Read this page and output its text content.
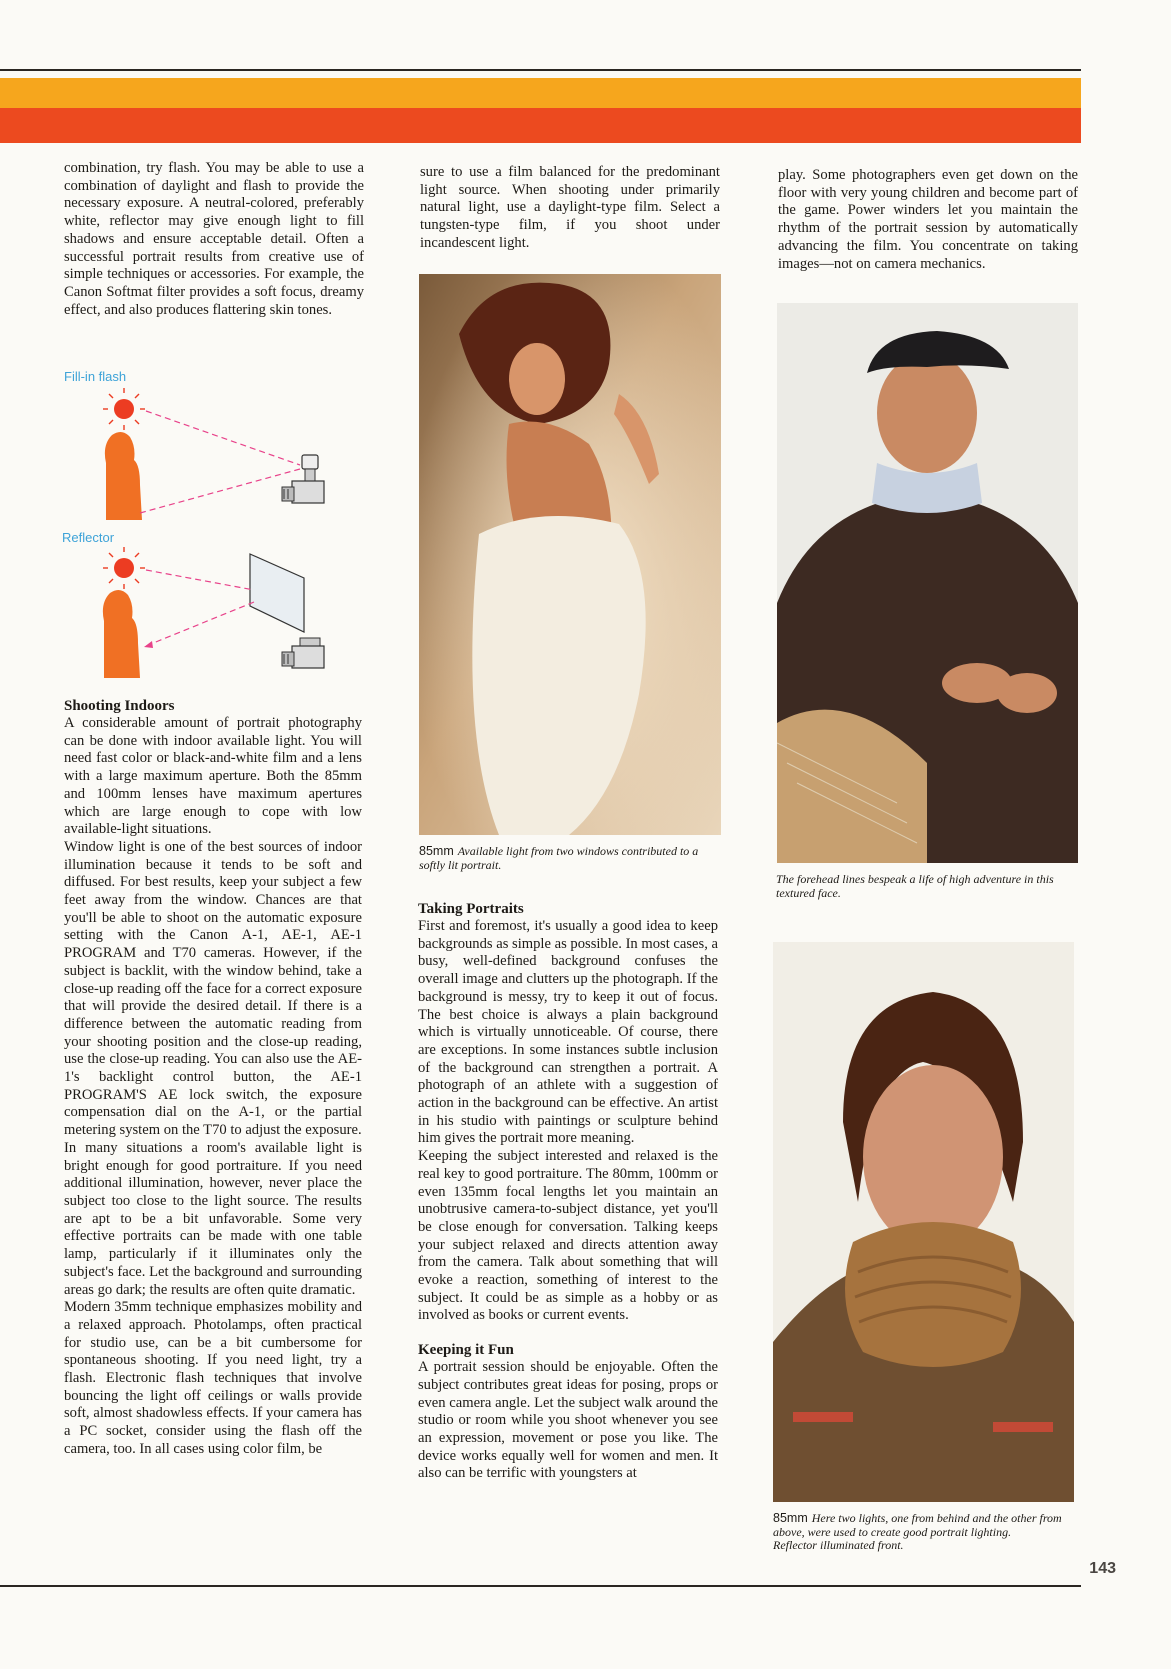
combination, try flash. You may be able to use a combination of daylight and flash to provide the necessary exposure. A neutral-colored, preferably white, reflector may give enough light to fill shadows and ensure acceptable detail. Often a successful portrait results from creative use of simple techniques or accessories. For example, the Canon Softmat filter provides a soft focus, dreamy effect, and also produces flattering skin tones.

Fill-in flash
Reflector
Shooting Indoors

A considerable amount of portrait photography can be done with indoor available light. You will need fast color or black-and-white film and a lens with a large maximum aperture. Both the 85mm and 100mm lenses have maximum apertures which are large enough to cope with low available-light situations.

Window light is one of the best sources of indoor illumination because it tends to be soft and diffused. For best results, keep your subject a few feet away from the window. Chances are that you'll be able to shoot on the automatic exposure setting with the Canon A-1, AE-1, AE-1 PROGRAM and T70 cameras. However, if the subject is backlit, with the window behind, take a close-up reading off the face for a correct exposure that will provide the desired detail. If there is a difference between the automatic reading from your shooting position and the close-up reading, use the close-up reading. You can also use the AE-1's backlight control button, the AE-1 PROGRAM'S AE lock switch, the exposure compensation dial on the A-1, or the partial metering system on the T70 to adjust the exposure.

In many situations a room's available light is bright enough for good portraiture. If you need additional illumination, however, never place the subject too close to the light source. The results are apt to be a bit unfavorable. Some very effective portraits can be made with one table lamp, particularly if it illuminates only the subject's face. Let the background and surrounding areas go dark; the results are often quite dramatic.

Modern 35mm technique emphasizes mobility and a relaxed approach. Photolamps, often practical for studio use, can be a bit cumbersome for spontaneous shooting. If you need light, try a flash. Electronic flash techniques that involve bouncing the light off ceilings or walls provide soft, almost shadowless effects. If your camera has a PC socket, consider using the flash off the camera, too. In all cases using color film, be

sure to use a film balanced for the predominant light source. When shooting under primarily natural light, use a daylight-type film. Select a tungsten-type film, if you shoot under incandescent light.

85mm Available light from two windows contributed to a softly lit portrait.
Taking Portraits

First and foremost, it's usually a good idea to keep backgrounds as simple as possible. In most cases, a busy, well-defined background confuses the overall image and clutters up the photograph. If the background is messy, try to keep it out of focus. The best choice is always a plain background which is virtually unnoticeable. Of course, there are exceptions. In some instances subtle inclusion of the background can strengthen a portrait. A photograph of an athlete with a suggestion of action in the background can be effective. An artist in his studio with paintings or sculpture behind him gives the portrait more meaning.

Keeping the subject interested and relaxed is the real key to good portraiture. The 80mm, 100mm or even 135mm focal lengths let you maintain an unobtrusive camera-to-subject distance, yet you'll be close enough for conversation. Talking keeps your subject relaxed and directs attention away from the camera. Talk about something that will evoke a reaction, something of interest to the subject. It could be as simple as a hobby or as involved as books or current events.

Keeping it Fun

A portrait session should be enjoyable. Often the subject contributes great ideas for posing, props or even camera angle. Let the subject walk around the studio or room while you shoot whenever you see an expression, movement or pose you like. The device works equally well for women and men. It also can be terrific with youngsters at

play. Some photographers even get down on the floor with very young children and become part of the game. Power winders let you maintain the rhythm of the portrait session by automatically advancing the film. You concentrate on taking images—not on camera mechanics.

The forehead lines bespeak a life of high adventure in this textured face.
85mm Here two lights, one from behind and the other from above, were used to create good portrait lighting.
Reflector illuminated front.
143
